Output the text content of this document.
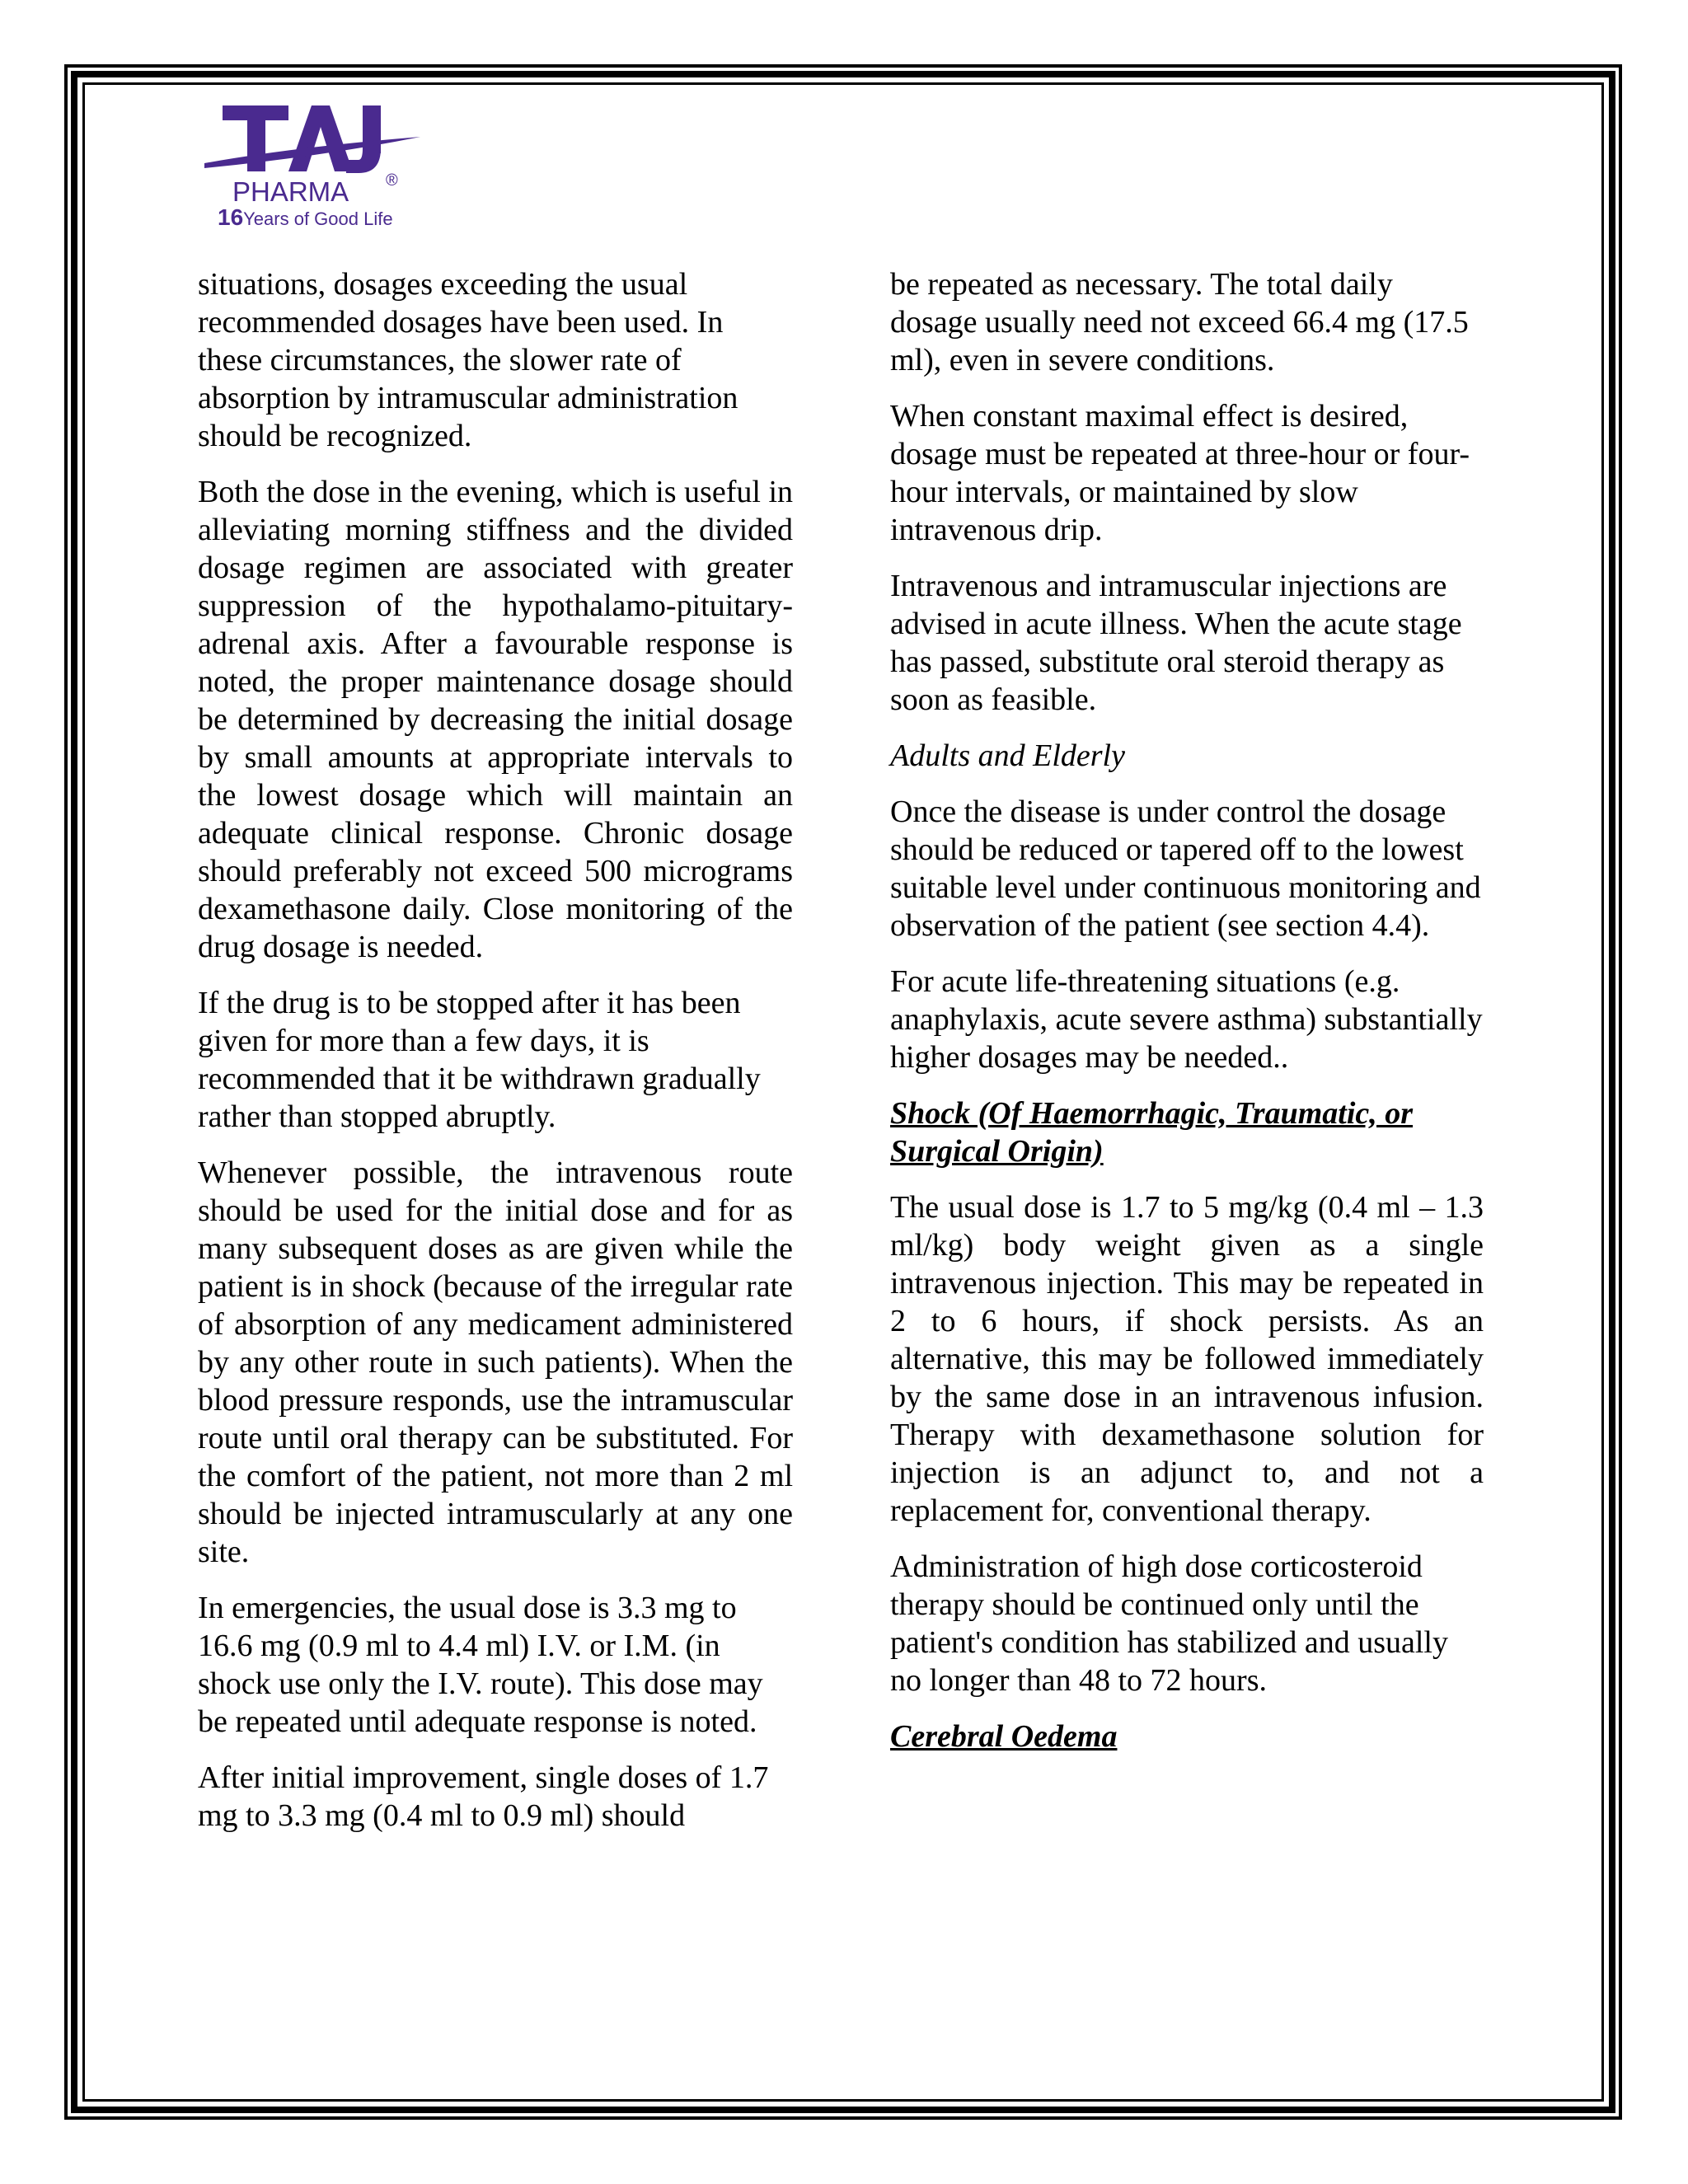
PHARMA ®
16Years of Good Life

situations, dosages exceeding the usual recommended dosages have been used. In these circumstances, the slower rate of absorption by intramuscular administration should be recognized.

Both the dose in the evening, which is useful in alleviating morning stiffness and the divided dosage regimen are associated with greater suppression of the hypothalamo-pituitary-adrenal axis. After a favourable response is noted, the proper maintenance dosage should be determined by decreasing the initial dosage by small amounts at appropriate intervals to the lowest dosage which will maintain an adequate clinical response. Chronic dosage should preferably not exceed 500 micrograms dexamethasone daily. Close monitoring of the drug dosage is needed.

If the drug is to be stopped after it has been given for more than a few days, it is recommended that it be withdrawn gradually rather than stopped abruptly.

Whenever possible, the intravenous route should be used for the initial dose and for as many subsequent doses as are given while the patient is in shock (because of the irregular rate of absorption of any medicament administered by any other route in such patients). When the blood pressure responds, use the intramuscular route until oral therapy can be substituted. For the comfort of the patient, not more than 2 ml should be injected intramuscularly at any one site.

In emergencies, the usual dose is 3.3 mg to 16.6 mg (0.9 ml to 4.4 ml) I.V. or I.M. (in shock use only the I.V. route). This dose may be repeated until adequate response is noted.

After initial improvement, single doses of 1.7 mg to 3.3 mg (0.4 ml to 0.9 ml) should

be repeated as necessary. The total daily dosage usually need not exceed 66.4 mg (17.5 ml), even in severe conditions.

When constant maximal effect is desired, dosage must be repeated at three-hour or four-hour intervals, or maintained by slow intravenous drip.

Intravenous and intramuscular injections are advised in acute illness. When the acute stage has passed, substitute oral steroid therapy as soon as feasible.

Adults and Elderly

Once the disease is under control the dosage should be reduced or tapered off to the lowest suitable level under continuous monitoring and observation of the patient (see section 4.4).

For acute life-threatening situations (e.g. anaphylaxis, acute severe asthma) substantially higher dosages may be needed..

Shock (Of Haemorrhagic, Traumatic, or Surgical Origin)

The usual dose is 1.7 to 5 mg/kg (0.4 ml – 1.3 ml/kg) body weight given as a single intravenous injection. This may be repeated in 2 to 6 hours, if shock persists. As an alternative, this may be followed immediately by the same dose in an intravenous infusion. Therapy with dexamethasone solution for injection is an adjunct to, and not a replacement for, conventional therapy.

Administration of high dose corticosteroid therapy should be continued only until the patient's condition has stabilized and usually no longer than 48 to 72 hours.

Cerebral Oedema
